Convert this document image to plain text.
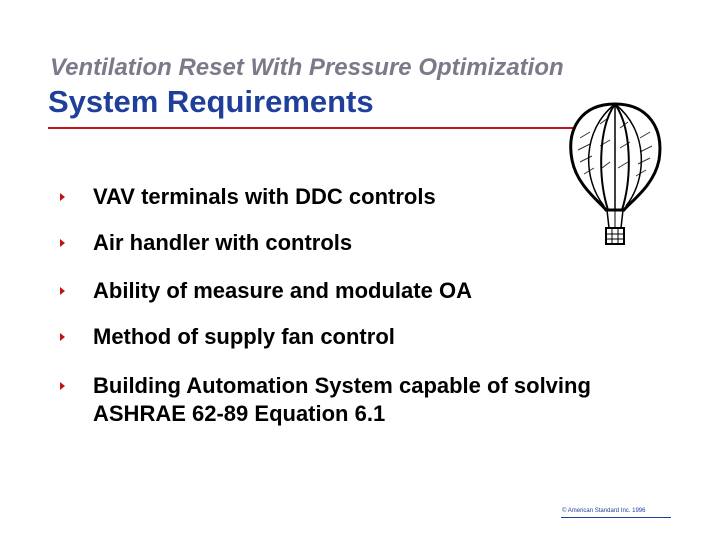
Ventilation Reset With Pressure Optimization
System Requirements
VAV terminals with DDC controls
Air handler with controls
Ability of measure and modulate OA
Method of supply fan control
Building Automation System capable of solving ASHRAE 62-89 Equation 6.1
© American Standard Inc. 1996
